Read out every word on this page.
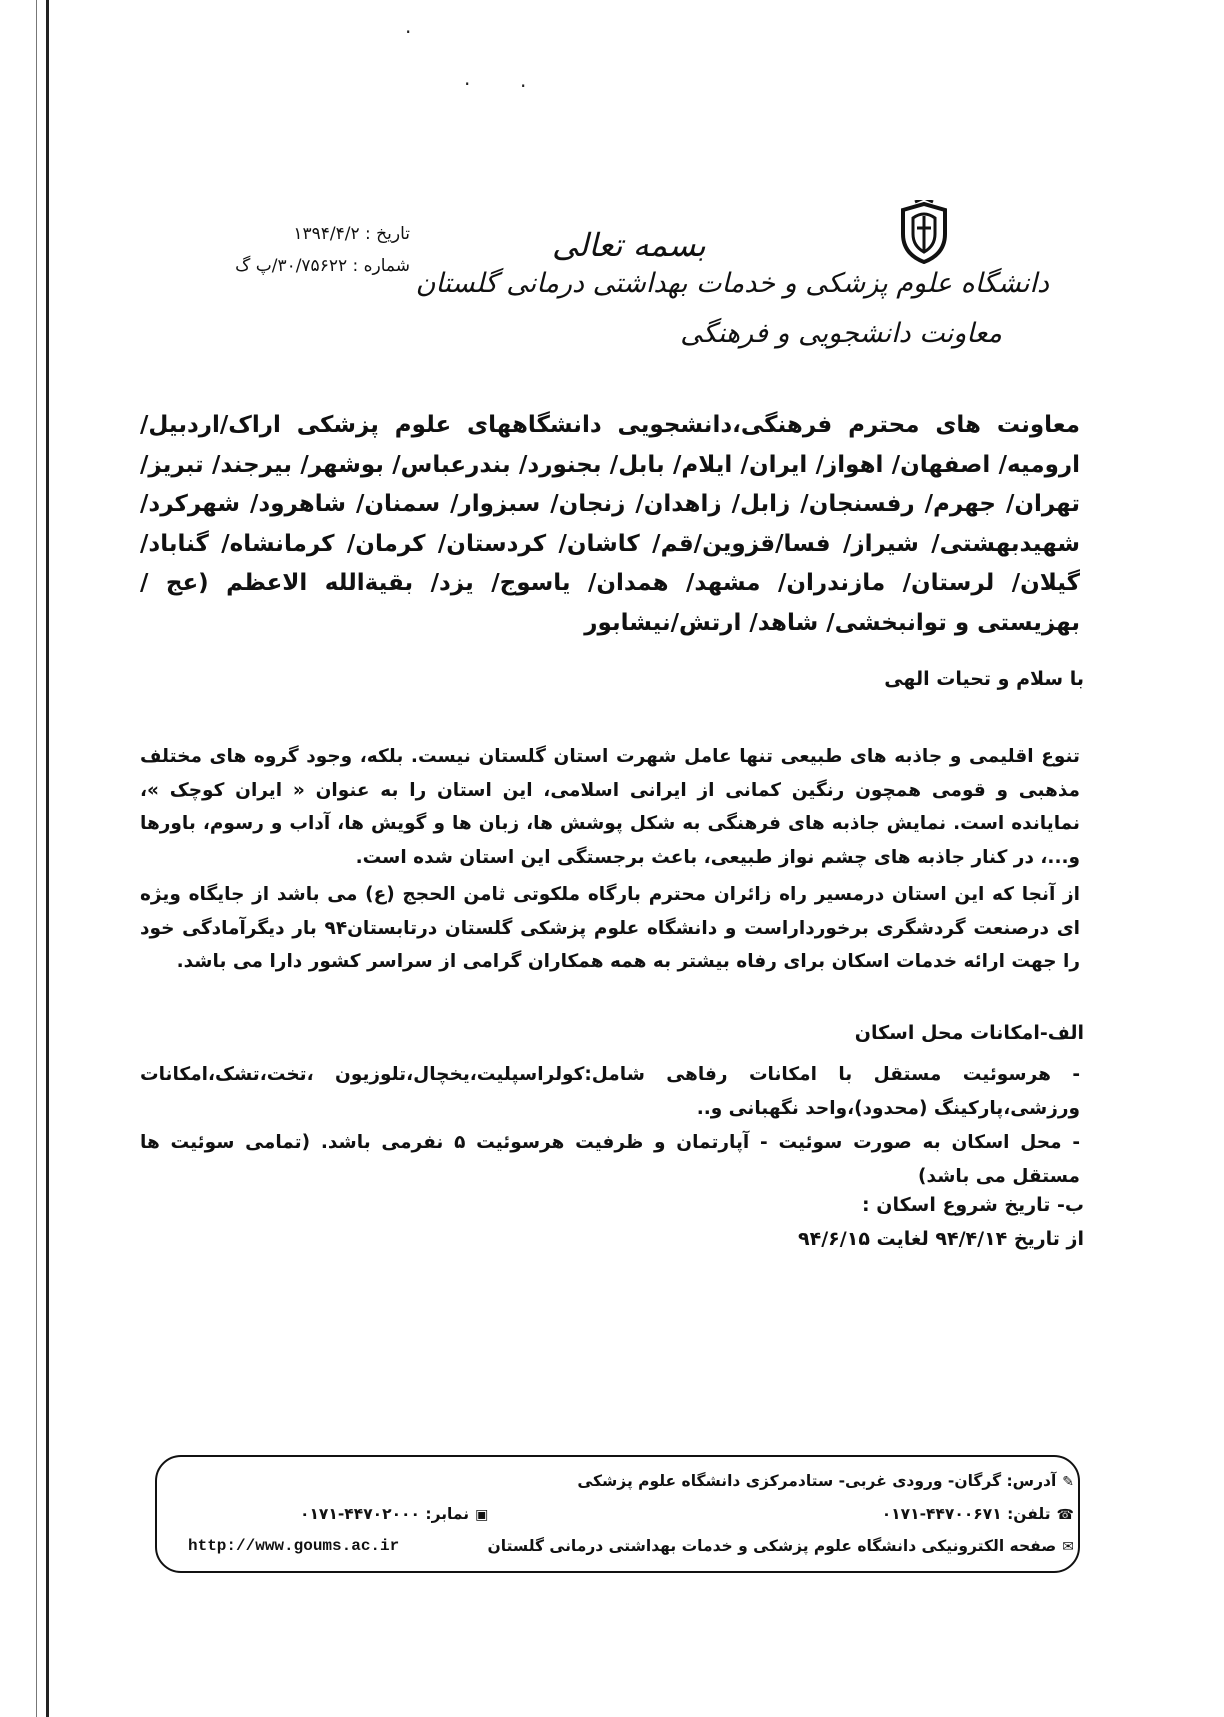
· ·
·
دانشگاه علوم پزشکی و خدمات بهداشتی درمانی گلستان
معاونت دانشجویی و فرهنگی
بسمه تعالی
تاریخ : ۱۳۹۴/۴/۲
شماره : ۳۰/۷۵۶۲۲/پ گ
معاونت های محترم فرهنگی،دانشجویی دانشگاههای علوم پزشکی اراک/اردبیل/ ارومیه/ اصفهان/ اهواز/ ایران/ ایلام/ بابل/ بجنورد/ بندرعباس/ بوشهر/ بیرجند/ تبریز/ تهران/ جهرم/ رفسنجان/ زابل/ زاهدان/ زنجان/ سبزوار/ سمنان/ شاهرود/ شهرکرد/ شهیدبهشتی/ شیراز/ فسا/قزوین/قم/ کاشان/ کردستان/ کرمان/ کرمانشاه/ گناباد/ گیلان/ لرستان/ مازندران/ مشهد/ همدان/ یاسوج/ یزد/ بقیةالله الاعظم (عج / بهزیستی و توانبخشی/ شاهد/ ارتش/نیشابور
با سلام و تحیات الهی
تنوع اقلیمی و جاذبه های طبیعی تنها عامل شهرت استان گلستان نیست. بلکه، وجود گروه های مختلف مذهبی و قومی همچون رنگین کمانی از ایرانی اسلامی، این استان را به عنوان « ایران کوچک »، نمایانده است. نمایش جاذبه های فرهنگی به شکل پوشش ها، زبان ها و گویش ها، آداب و رسوم، باورها و...، در کنار جاذبه های چشم نواز طبیعی، باعث برجستگی این استان شده است.
از آنجا که این استان درمسیر راه زائران محترم بارگاه ملکوتی ثامن الحجج (ع) می باشد از جایگاه ویژه ای درصنعت گردشگری برخورداراست و دانشگاه علوم پزشکی گلستان درتابستان۹۴ بار دیگرآمادگی خود را جهت ارائه خدمات اسکان برای رفاه بیشتر به همه همکاران گرامی از سراسر کشور دارا می باشد.
الف-امکانات محل اسکان
- هرسوئیت مستقل با امکانات رفاهی شامل:کولراسپلیت،یخچال،تلوزیون ،تخت،تشک،امکانات ورزشی،پارکینگ (محدود)،واحد نگهبانی و..
- محل اسکان به صورت سوئیت - آپارتمان و ظرفیت هرسوئیت ۵ نفرمی باشد. (تمامی سوئیت ها مستقل می باشد)
ب- تاریخ شروع اسکان :
از تاریخ ۹۴/۴/۱۴ لغایت ۹۴/۶/۱۵
✎آدرس: گرگان- ورودی غربی- ستادمرکزی دانشگاه علوم پزشکی
☎تلفن: ۴۴۷۰۰۶۷۱-۰۱۷۱
▣نمابر: ۴۴۷۰۲۰۰۰-۰۱۷۱
✉صفحه الکترونیکی دانشگاه علوم پزشکی و خدمات بهداشتی درمانی گلستان
http://www.goums.ac.ir
